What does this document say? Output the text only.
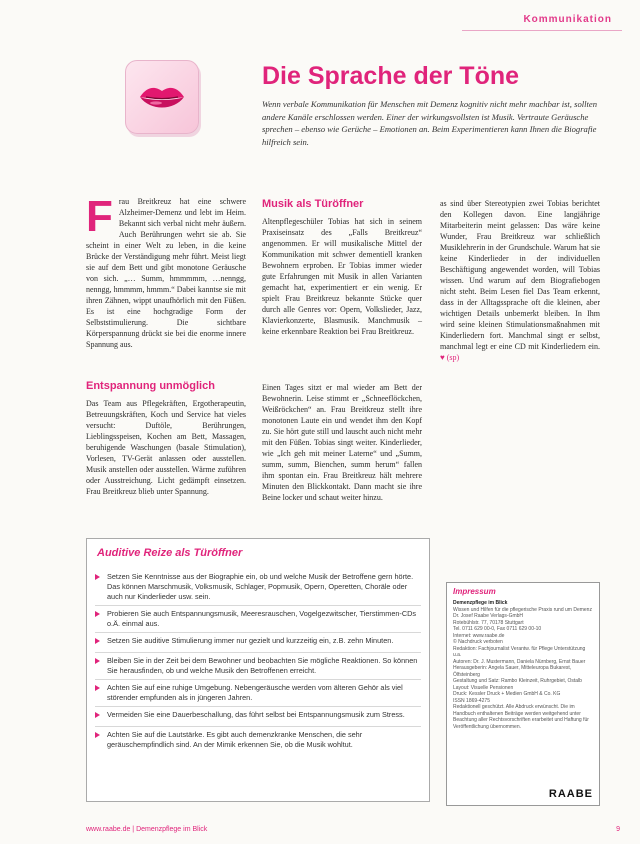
Kommunikation
Die Sprache der Töne
Wenn verbale Kommunikation für Menschen mit Demenz kognitiv nicht mehr machbar ist, sollten andere Kanäle erschlossen werden. Einer der wirkungsvollsten ist Musik. Vertraute Geräusche sprechen – ebenso wie Gerüche – Emotionen an. Beim Experimentieren kann Ihnen die Biografie hilfreich sein.
F rau Breitkreuz hat eine schwere Alzheimer-Demenz und lebt im Heim. Bekannt sich verbal nicht mehr äußern. Auch Berührungen wehrt sie ab. Sie scheint in einer Welt zu leben, in die keine Brücke der Verständigung mehr führt. Meist liegt sie auf dem Bett und gibt monotone Geräusche von sich. „… Summ, hmmmmm, …nenngg, nenngg, hmmmm, hmmm.“ Dabei kanntse sie mit ihren Zähnen, wippt unaufhörlich mit den Füßen. Es ist eine hochgradige Form der Selbststimulierung. Die sichtbare Körperspannung drückt sie bei die enorme innere Spannung aus.

Entspannung unmöglich

Das Team aus Pflegekräften, Ergotherapeutin, Betreuungskräften, Koch und Service hat vieles versucht: Duftöle, Berührungen, Lieblingsspeisen, Kochen am Bett, Massagen, beruhigende Waschungen (basale Stimulation), Vorlesen, TV-Gerät anlassen oder ausstellen. Musik anstellen oder ausstellen. Wärme zuführen oder Ausstreichung. Licht gedämpft einsetzen. Frau Breitkreuz blieb unter Spannung.

Musik als Türöffner

Altenpflegeschüler Tobias hat sich in seinem Praxiseinsatz des „Falls Breitkreuz“ angenommen. Er will musikalische Mittel der Kommunikation mit schwer dementiell kranken Bewohnern erproben. Er Tobias immer wieder gute Erfahrungen mit Musik in allen Varianten gemacht hat, experimentiert er ein wenig. Er spielt Frau Breitkreuz bekannte Stücke quer durch alle Genres vor: Opern, Volkslieder, Jazz, Klavierkonzerte, Blasmusik. Manchmusik – keine erkennbare Reaktion bei Frau Breitkreuz.

Einen Tages sitzt er mal wieder am Bett der Bewohnerin. Leise stimmt er „Schneeflöckchen, Weißröckchen“ an. Frau Breitkreuz stellt ihre monotonen Laute ein und wendet ihm den Kopf zu. Sie hört gute still und lauscht auch nicht mehr mit den Füßen. Tobias singt weiter. Kinderlieder, wie „Ich geh mit meiner Laterne“ und „Summ, summ, summ, Bienchen, summ herum“ fallen ihm spontan ein. Frau Breitkreuz hält mehrere Minuten den Blickkontakt. Dann macht sie ihre Beine locker und schaut weiter hinzu.

as sind über Stereotypien zwei Tobias berichtet den Kollegen davon. Eine langjährige Mitarbeiterin meint gelassen: Das wäre keine Wunder, Frau Breitkreuz war schließlich Musiklehrerin in der Grundschule. Warum hat sie keine Kinderlieder in der individuellen Beschäftigung angewendet worden, will Tobias wissen. Und warum auf dem Biografiebogen nicht steht. Beim Lesen fiel Das Team erkennt, dass in der Alltagssprache oft die kleinen, aber wichtigen Details unbemerkt bleiben. In Ihm wird seine kleinen Stimulationsmaßnahmen mit Kinderliedern fort. Manchmal singt er selbst, manchmal legt er eine CD mit Kinderliedern ein. ♥ (sp)

Auditive Reize als Türöffner
Setzen Sie Kenntnisse aus der Biographie ein, ob und welche Musik der Betroffene gern hörte. Das können Marschmusik, Volksmusik, Schlager, Popmusik, Opern, Operetten, Choräle oder auch nur Kinderlieder usw. sein.
Probieren Sie auch Entspannungsmusik, Meeresrauschen, Vogelgezwitscher, Tierstimmen-CDs o.Ä. einmal aus.
Setzen Sie auditive Stimulierung immer nur gezielt und kurzzeitig ein, z.B. zehn Minuten.
Bleiben Sie in der Zeit bei dem Bewohner und beobachten Sie mögliche Reaktionen. So können Sie herausfinden, ob und welche Musik den Betroffenen erreicht.
Achten Sie auf eine ruhige Umgebung. Nebengeräusche werden vom älteren Gehör als viel störender empfunden als in jüngeren Jahren.
Vermeiden Sie eine Dauerbeschallung, das führt selbst bei Entspannungsmusik zum Stress.
Achten Sie auf die Lautstärke. Es gibt auch demenzkranke Menschen, die sehr geräuschempfindlich sind. An der Mimik erkennen Sie, ob die Musik wohltut.
Impressum
Demenzpflege im Blick
Wissen und Hilfen für die pflegerische Praxis rund um Demenz
Dr. Josef Raabe Verlags-GmbH
Rotebühlstr. 77, 70178 Stuttgart
Tel. 0711 629 00-0, Fax 0711 629 00-10
Internet: www.raabe.de
© Nachdruck verboten
Redaktion: Fachjournalist Verantw. für Pflege Unterstützung u.a.
Autoren: Dr. J. Mustermann, Daniela Nürnberg, Ernst Bauer
Herausgeberin: Angela Sauer, Mitteleuropa Bukarest, Ölfsteinberg
Gestaltung und Satz: Rambo Kleinzeit, Ruhrgebiet, Ostalb
Layout: Visuelle Pensionen
Druck: Kessler Druck + Medien GmbH & Co. KG
ISSN 1869-4275
Redaktionell geschützt. Alle Abdruck erwünscht. Die im Handbuch enthaltenen Beiträge werden weitgehend unter Beachtung aller Rechtsvorschriften erarbeitet und Haftung für Veröffentlichung übernommen.
RAABE
www.raabe.de | Demenzpflege im Blick	9
